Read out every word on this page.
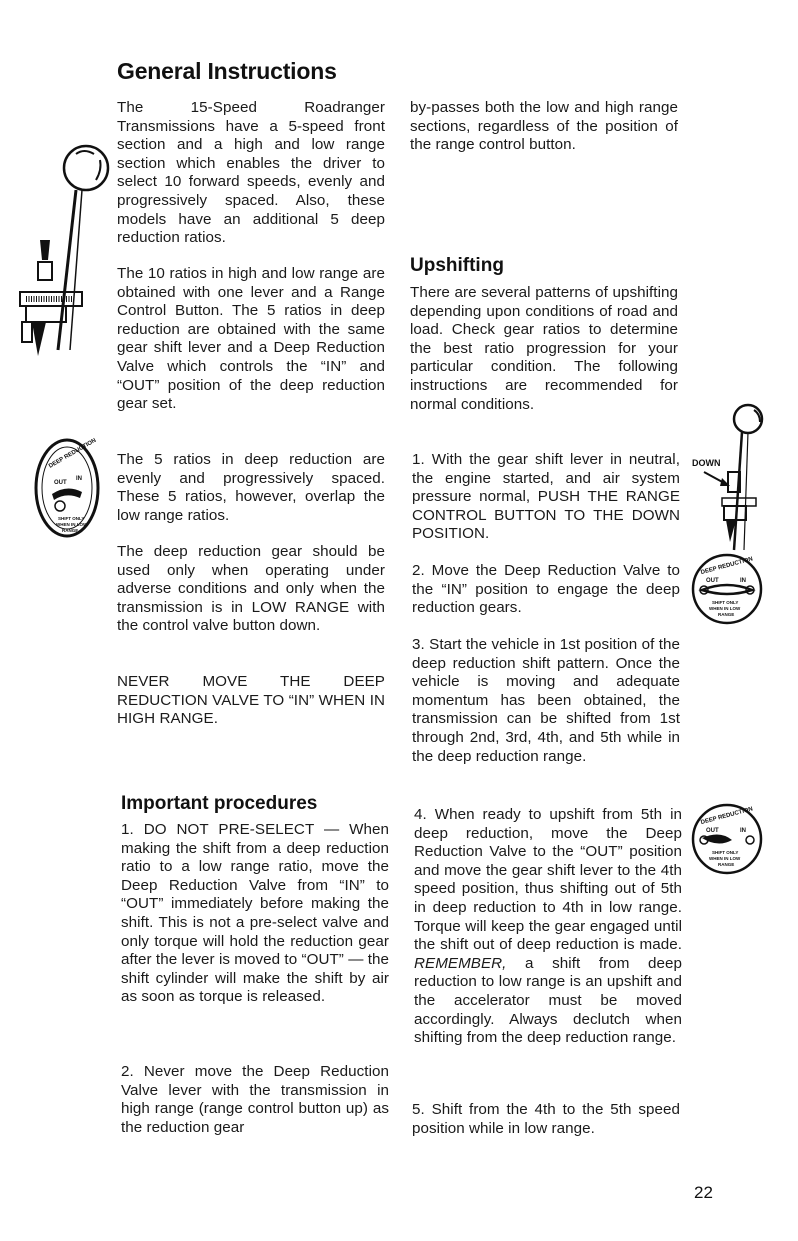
General Instructions

The 15-Speed Roadranger Transmissions have a 5-speed front section and a high and low range section which enables the driver to select 10 forward speeds, evenly and progressively spaced. Also, these models have an additional 5 deep reduction ratios.

The 10 ratios in high and low range are obtained with one lever and a Range Control Button. The 5 ratios in deep reduction are obtained with the same gear shift lever and a Deep Reduction Valve which controls the “IN” and “OUT” position of the deep reduction gear set.

The 5 ratios in deep reduction are evenly and progressively spaced. These 5 ratios, however, overlap the low range ratios.

The deep reduction gear should be used only when operating under adverse conditions and only when the transmission is in LOW RANGE with the control valve button down.

NEVER MOVE THE DEEP REDUCTION VALVE TO “IN” WHEN IN HIGH RANGE.

Important procedures

1. DO NOT PRE-SELECT — When making the shift from a deep reduction ratio to a low range ratio, move the Deep Reduction Valve from “IN” to “OUT” immediately before making the shift. This is not a pre-select valve and only torque will hold the reduction gear after the lever is moved to “OUT” — the shift cylinder will make the shift by air as soon as torque is released.

2. Never move the Deep Reduction Valve lever with the transmission in high range (range control button up) as the reduction gear

by-passes both the low and high range sections, regardless of the position of the range control button.

Upshifting

There are several patterns of upshifting depending upon conditions of road and load. Check gear ratios to determine the best ratio progression for your particular condition. The following instructions are recommended for normal conditions.

1. With the gear shift lever in neutral, the engine started, and air system pressure normal, PUSH THE RANGE CONTROL BUTTON TO THE DOWN POSITION.

2. Move the Deep Reduction Valve to the “IN” position to engage the deep reduction gears.

3. Start the vehicle in 1st position of the deep reduction shift pattern. Once the vehicle is moving and adequate momentum has been obtained, the transmission can be shifted from 1st through 2nd, 3rd, 4th, and 5th while in the deep reduction range.

4. When ready to upshift from 5th in deep reduction, move the Deep Reduction Valve to the “OUT” position and move the gear shift lever to the 4th speed position, thus shifting out of 5th in deep reduction to 4th in low range. Torque will keep the gear engaged until the shift out of deep reduction is made. REMEMBER, a shift from deep reduction to low range is an upshift and the accelerator must be moved accordingly. Always declutch when shifting from the deep reduction range.

5. Shift from the 4th to the 5th speed position while in low range.

22
DEEP REDUCTION
OUT
IN
SHIFT ONLY
WHEN IN LOW
RANGE
DOWN
DEEP REDUCTION
OUT	IN
SHIFT ONLY
WHEN IN LOW
RANGE
DEEP REDUCTION
OUT	IN
SHIFT ONLY
WHEN IN LOW
RANGE
